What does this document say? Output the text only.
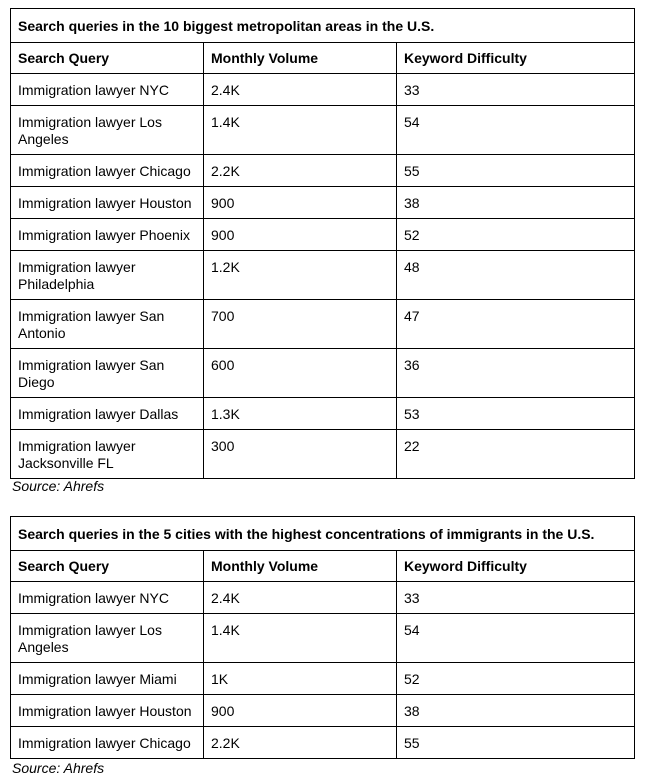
Search queries in the 10 biggest metropolitan areas in the U.S.		
Search Query	Monthly Volume	Keyword Difficulty
Immigration lawyer NYC	2.4K	33
Immigration lawyer Los Angeles	1.4K	54
Immigration lawyer Chicago	2.2K	55
Immigration lawyer Houston	900	38
Immigration lawyer Phoenix	900	52
Immigration lawyer Philadelphia	1.2K	48
Immigration lawyer San Antonio	700	47
Immigration lawyer San Diego	600	36
Immigration lawyer Dallas	1.3K	53
Immigration lawyer Jacksonville FL	300	22
Source: Ahrefs
Search queries in the 5 cities with the highest concentrations of immigrants in the U.S.		
Search Query	Monthly Volume	Keyword Difficulty
Immigration lawyer NYC	2.4K	33
Immigration lawyer Los Angeles	1.4K	54
Immigration lawyer Miami	1K	52
Immigration lawyer Houston	900	38
Immigration lawyer Chicago	2.2K	55
Source: Ahrefs
